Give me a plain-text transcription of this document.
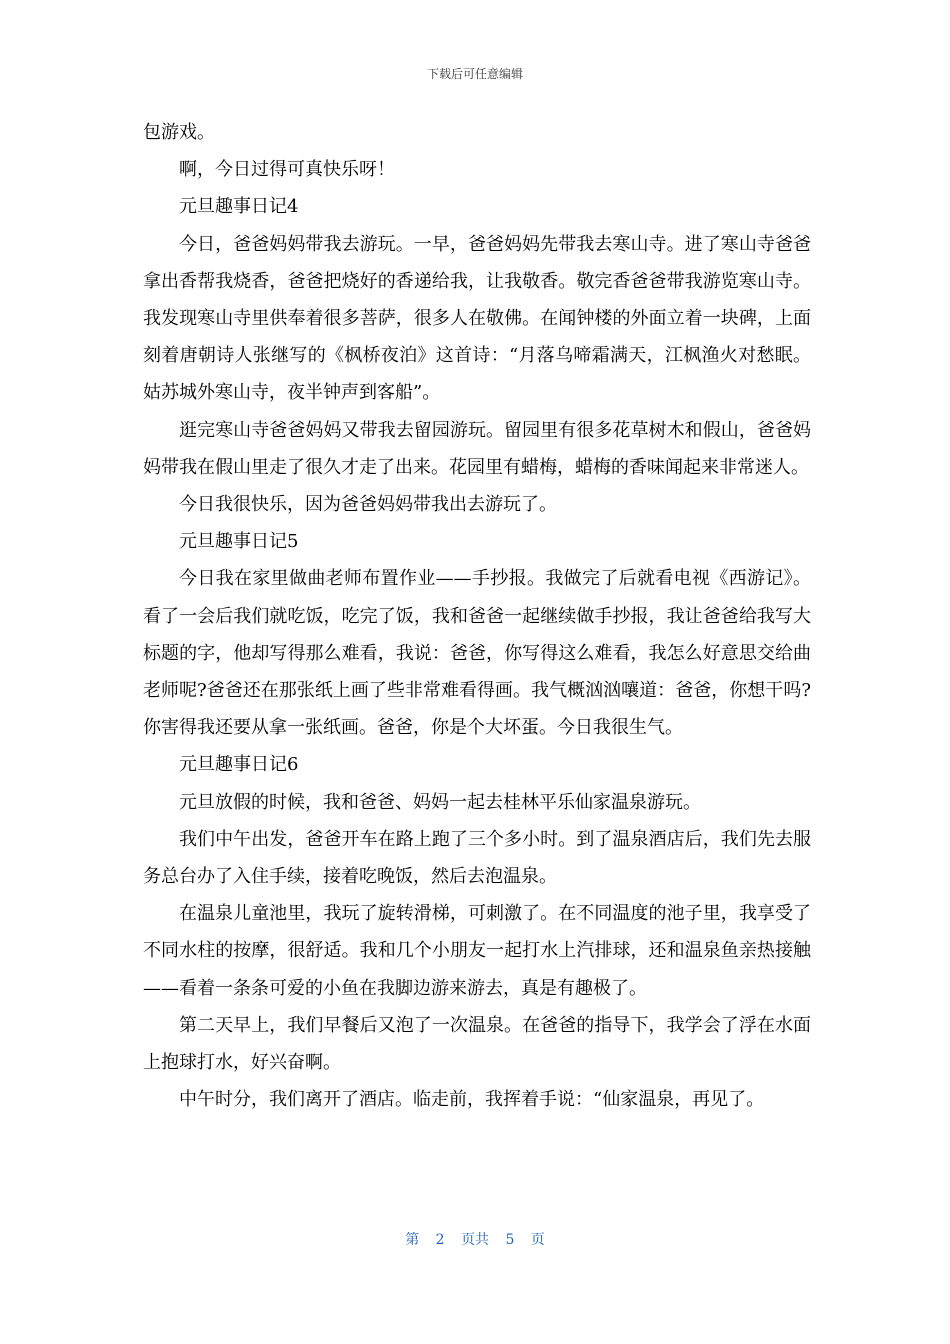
下载后可任意编辑

包游戏。

啊，今日过得可真快乐呀！

元旦趣事日记4

今日，爸爸妈妈带我去游玩。一早，爸爸妈妈先带我去寒山寺。进了寒山寺爸爸拿出香帮我烧香，爸爸把烧好的香递给我，让我敬香。敬完香爸爸带我游览寒山寺。我发现寒山寺里供奉着很多菩萨，很多人在敬佛。在闻钟楼的外面立着一块碑，上面刻着唐朝诗人张继写的《枫桥夜泊》这首诗：“月落乌啼霜满天，江枫渔火对愁眠。姑苏城外寒山寺，夜半钟声到客船”。

逛完寒山寺爸爸妈妈又带我去留园游玩。留园里有很多花草树木和假山，爸爸妈妈带我在假山里走了很久才走了出来。花园里有蜡梅，蜡梅的香味闻起来非常迷人。

今日我很快乐，因为爸爸妈妈带我出去游玩了。

元旦趣事日记5

今日我在家里做曲老师布置作业——手抄报。我做完了后就看电视《西游记》。看了一会后我们就吃饭，吃完了饭，我和爸爸一起继续做手抄报，我让爸爸给我写大标题的字，他却写得那么难看，我说：爸爸，你写得这么难看，我怎么好意思交给曲老师呢?爸爸还在那张纸上画了些非常难看得画。我气概汹汹嚷道：爸爸，你想干吗?你害得我还要从拿一张纸画。爸爸，你是个大坏蛋。今日我很生气。

元旦趣事日记6

元旦放假的时候，我和爸爸、妈妈一起去桂林平乐仙家温泉游玩。

我们中午出发，爸爸开车在路上跑了三个多小时。到了温泉酒店后，我们先去服务总台办了入住手续，接着吃晚饭，然后去泡温泉。

在温泉儿童池里，我玩了旋转滑梯，可刺激了。在不同温度的池子里，我享受了不同水柱的按摩，很舒适。我和几个小朋友一起打水上汽排球，还和温泉鱼亲热接触——看着一条条可爱的小鱼在我脚边游来游去，真是有趣极了。

第二天早上，我们早餐后又泡了一次温泉。在爸爸的指导下，我学会了浮在水面上抱球打水，好兴奋啊。

中午时分，我们离开了酒店。临走前，我挥着手说：“仙家温泉，再见了。

第 2 页共 5 页
